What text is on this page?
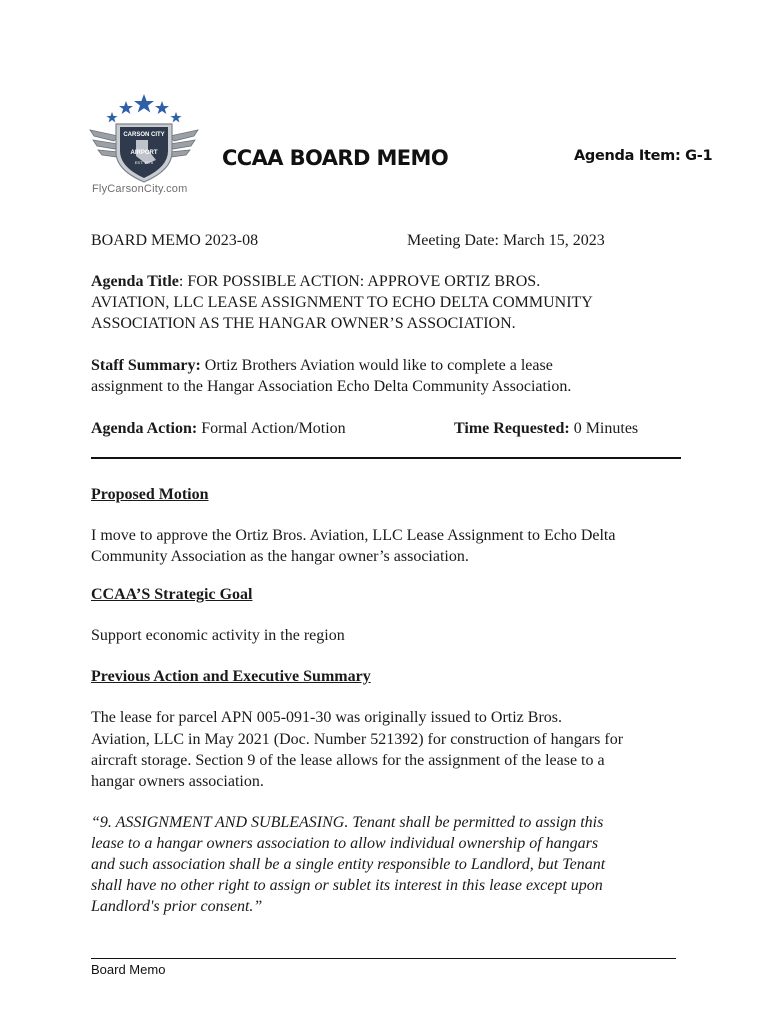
CARSON CITY
AIRPORT
EST. 1970
FlyCarsonCity.com
CCAA BOARD MEMO	Agenda Item: G-1
BOARD MEMO 2023-08	Meeting Date: March 15, 2023
Agenda Title: FOR POSSIBLE ACTION: APPROVE ORTIZ BROS.
AVIATION, LLC LEASE ASSIGNMENT TO ECHO DELTA COMMUNITY
ASSOCIATION AS THE HANGAR OWNER’S ASSOCIATION.
Staff Summary: Ortiz Brothers Aviation would like to complete a lease
assignment to the Hangar Association Echo Delta Community Association.
Agenda Action: Formal Action/Motion	Time Requested: 0 Minutes
Proposed Motion
I move to approve the Ortiz Bros. Aviation, LLC Lease Assignment to Echo Delta
Community Association as the hangar owner’s association.
CCAA’S Strategic Goal
Support economic activity in the region
Previous Action and Executive Summary
The lease for parcel APN 005-091-30 was originally issued to Ortiz Bros.
Aviation, LLC in May 2021 (Doc. Number 521392) for construction of hangars for
aircraft storage. Section 9 of the lease allows for the assignment of the lease to a
hangar owners association.
“9. ASSIGNMENT AND SUBLEASING. Tenant shall be permitted to assign this
lease to a hangar owners association to allow individual ownership of hangars
and such association shall be a single entity responsible to Landlord, but Tenant
shall have no other right to assign or sublet its interest in this lease except upon
Landlord's prior consent.”
Board Memo
